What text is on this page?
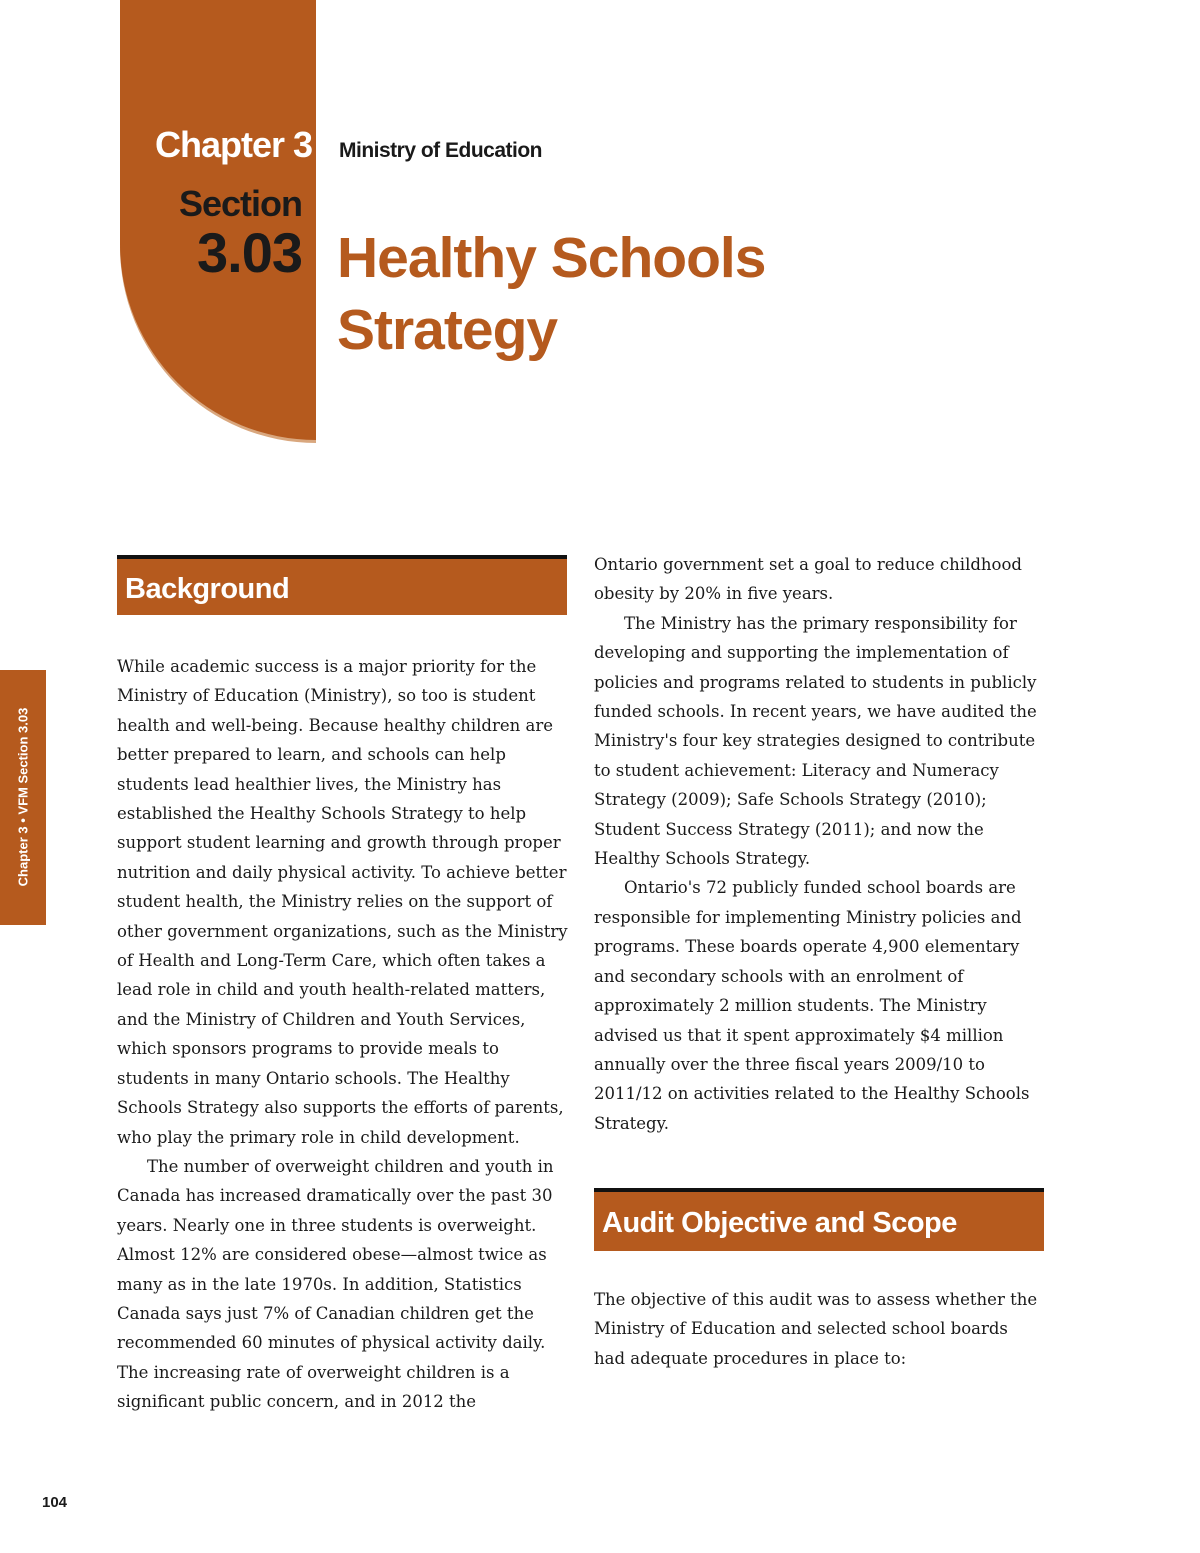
Chapter 3
Section
3.03
Ministry of Education
Healthy Schools
Strategy
Chapter 3 • VFM Section 3.03
Background

While academic success is a major priority for the Ministry of Education (Ministry), so too is student health and well-being. Because healthy children are better prepared to learn, and schools can help students lead healthier lives, the Ministry has established the Healthy Schools Strategy to help support student learning and growth through proper nutrition and daily physical activity. To achieve better student health, the Ministry relies on the support of other government organizations, such as the Ministry of Health and Long-Term Care, which often takes a lead role in child and youth health-related matters, and the Ministry of Children and Youth Services, which sponsors programs to provide meals to students in many Ontario schools. The Healthy Schools Strategy also supports the efforts of parents, who play the primary role in child development.

The number of overweight children and youth in Canada has increased dramatically over the past 30 years. Nearly one in three students is overweight. Almost 12% are considered obese—almost twice as many as in the late 1970s. In addition, Statistics Canada says just 7% of Canadian children get the recommended 60 minutes of physical activity daily. The increasing rate of overweight children is a significant public concern, and in 2012 the

Ontario government set a goal to reduce childhood obesity by 20% in five years.

The Ministry has the primary responsibility for developing and supporting the implementation of policies and programs related to students in publicly funded schools. In recent years, we have audited the Ministry's four key strategies designed to contribute to student achievement: Literacy and Numeracy Strategy (2009); Safe Schools Strategy (2010); Student Success Strategy (2011); and now the Healthy Schools Strategy.

Ontario's 72 publicly funded school boards are responsible for implementing Ministry policies and programs. These boards operate 4,900 elementary and secondary schools with an enrolment of approximately 2 million students. The Ministry advised us that it spent approximately $4 million annually over the three fiscal years 2009/10 to 2011/12 on activities related to the Healthy Schools Strategy.

Audit Objective and Scope

The objective of this audit was to assess whether the Ministry of Education and selected school boards had adequate procedures in place to:

104
